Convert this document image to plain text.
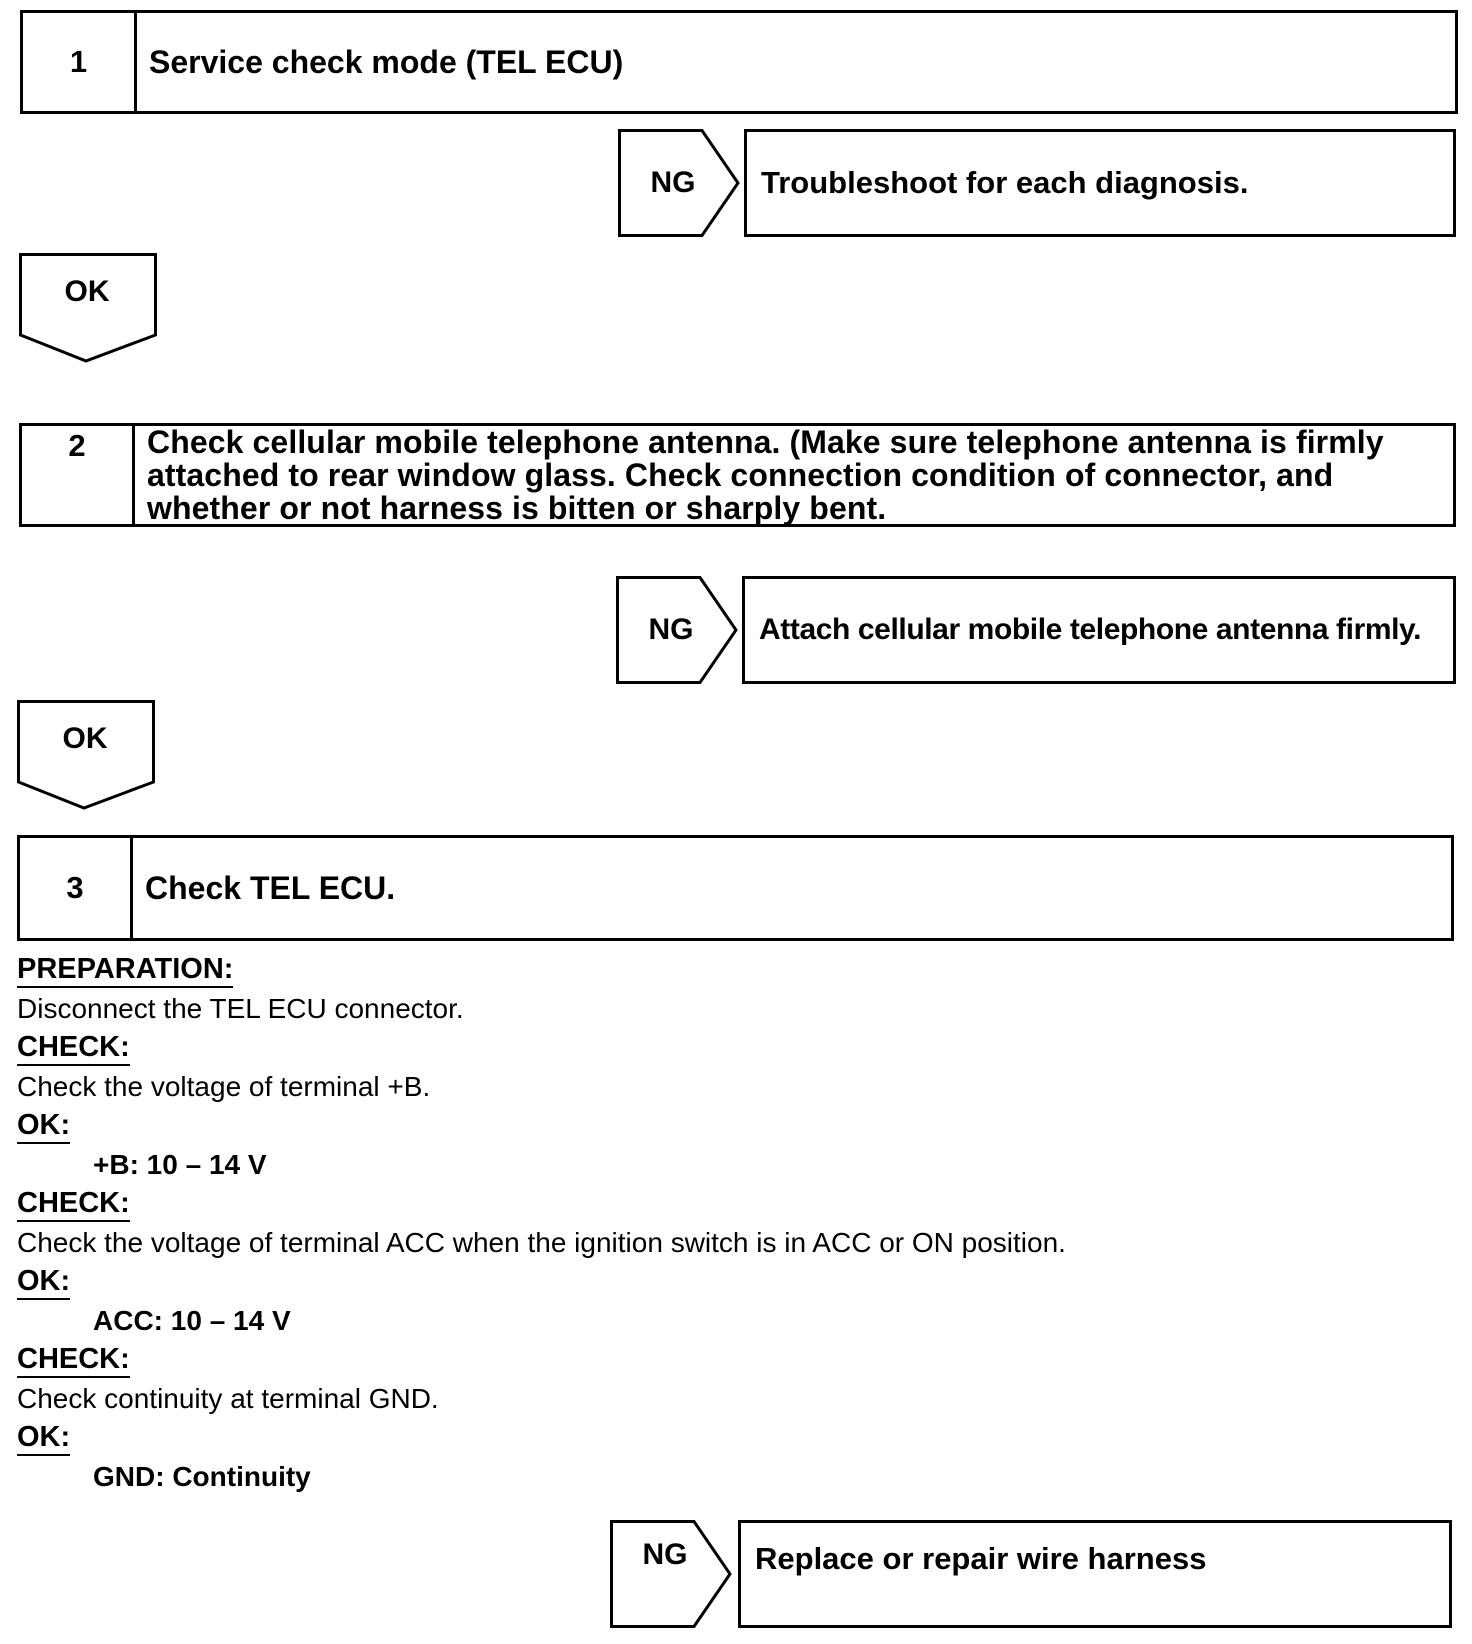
1	Service check mode (TEL ECU)
NG	Troubleshoot for each diagnosis.
OK
2	Check cellular mobile telephone antenna. (Make sure telephone antenna is firmly attached to rear window glass. Check connection condition of connector, and whether or not harness is bitten or sharply bent.
NG	Attach cellular mobile telephone antenna firmly.
OK
3	Check TEL ECU.
PREPARATION:
Disconnect the TEL ECU connector.
CHECK:
Check the voltage of terminal +B.
OK:
+B: 10 – 14 V
CHECK:
Check the voltage of terminal ACC when the ignition switch is in ACC or ON position.
OK:
ACC: 10 – 14 V
CHECK:
Check continuity at terminal GND.
OK:
GND: Continuity
NG	Replace or repair wire harness
